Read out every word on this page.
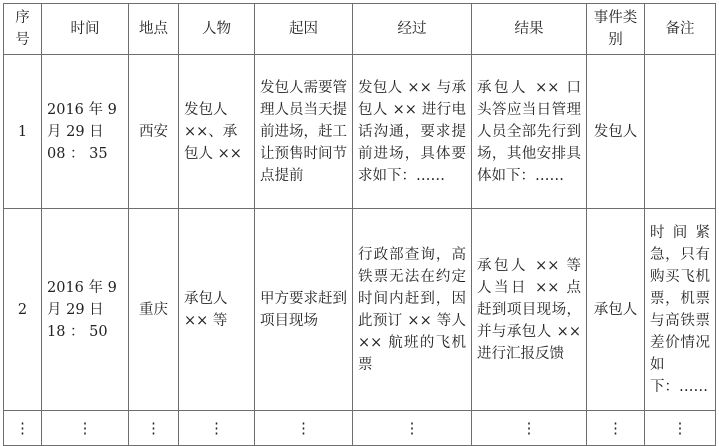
序号	时间	地点	人物	起因	经过	结果	事件类别	备注
1	2016 年 9 月 29 日 08 ： 35	西安	发包人 ××、承包人 ××	发包人需要管理人员当天提前进场，赶工让预售时间节点提前	发包人 ×× 与承包人 ×× 进行电话沟通，要求提前进场，具体要求如下：……	承包人 ×× 口头答应当日管理人员全部先行到场，其他安排具体如下：……	发包人	
2	2016 年 9 月 29 日 18 ： 50	重庆	承包人 ×× 等	甲方要求赶到项目现场	行政部查询，高铁票无法在约定时间内赶到，因此预订 ×× 等人 ×× 航班的飞机票	承包人 ×× 等人当日 ×× 点赶到项目现场，并与承包人 ×× 进行汇报反馈	承包人	时间紧急，只有购买飞机票，机票与高铁票差价情况如下：……
⋮	⋮	⋮	⋮	⋮	⋮	⋮	⋮	⋮
